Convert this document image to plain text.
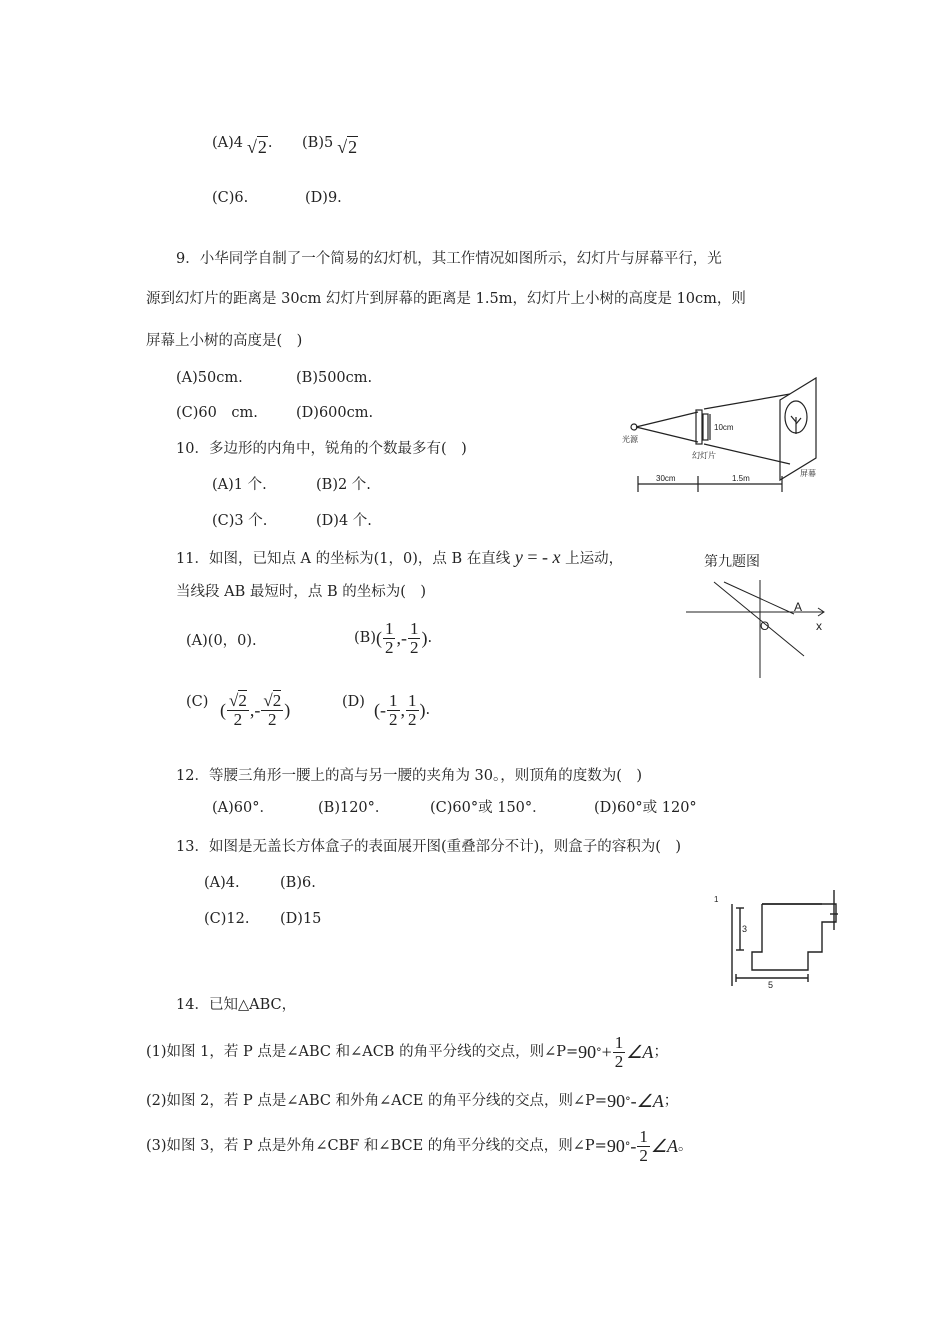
(A)4 √2. (B)5 √2
(C)6.	(D)9.
9．小华同学自制了一个简易的幻灯机，其工作情况如图所示，幻灯片与屏幕平行，光
源到幻灯片的距离是 30cm 幻灯片到屏幕的距离是 1.5m，幻灯片上小树的高度是 10cm，则
屏幕上小树的高度是(　)
(A)50cm.	(B)500cm.
(C)60　cm.	(D)600cm.
光源
幻灯片
10cm
30cm	1.5m
屏幕
10．多边形的内角中，锐角的个数最多有(　)
(A)1 个.	(B)2 个.
(C)3 个.	(D)4 个.
第九题图
11．如图，已知点 A 的坐标为(1，0)，点 B 在直线 y = - x 上运动，
当线段 AB 最短时，点 B 的坐标为(　)
(A)(0，0).	(B) ( $\frac{1}{2}$ ,- $\frac{1}{2}$ ) .
(C) ( $\frac{√2}{2}$ ,- $\frac{√2}{2}$ )	(D) (- $\frac{1}{2}$ , $\frac{1}{2}$ ) .
A
O	x
12．等腰三角形一腰上的高与另一腰的夹角为 30。，则顶角的度数为(　)
(A)60°．	(B)120°．	(C)60°或 150°．	(D)60°或 120°
13．如图是无盖长方体盒子的表面展开图(重叠部分不计)，则盒子的容积为(　)
(A)4.	(B)6.
(C)12. (D)15
3
5
1
14．已知△ABC，
(1)如图 1，若 P 点是∠ABC 和∠ACB 的角平分线的交点，则∠P= 90 ° + $\frac{1}{2}$ ∠A ；
(2)如图 2，若 P 点是∠ABC 和外角∠ACE 的角平分线的交点，则∠P= 90 ° - ∠A ；
(3)如图 3，若 P 点是外角∠CBF 和∠BCE 的角平分线的交点，则∠P= 90 ° - $\frac{1}{2}$ ∠A 。
